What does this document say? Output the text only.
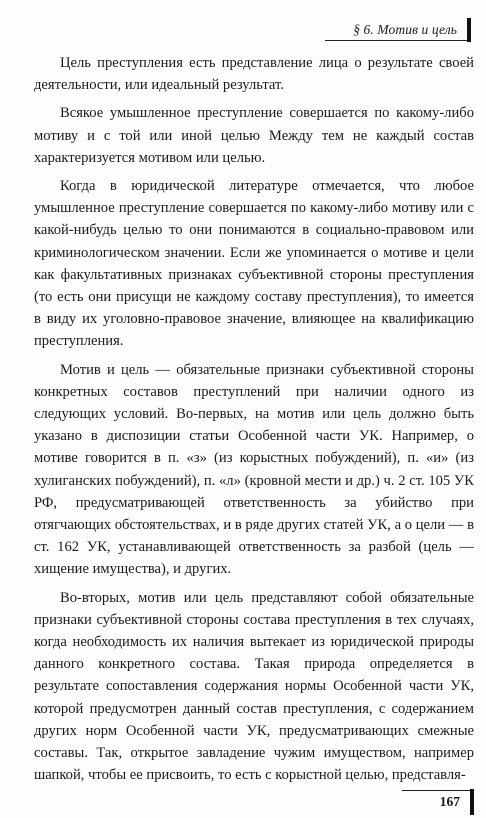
§ 6. Мотив и цель

Цель преступления есть представление лица о результате своей деятельности, или идеальный результат.

Всякое умышленное преступление совершается по какому-либо мотиву и с той или иной целью Между тем не каждый состав характеризуется мотивом или целью.

Когда в юридической литературе отмечается, что любое умышленное преступление совершается по какому-либо мотиву или с какой-нибудь целью то они понимаются в социально-правовом или криминологическом значении. Если же упоминается о мотиве и цели как факультативных признаках субъективной стороны преступления (то есть они присущи не каждому составу преступления), то имеется в виду их уголовно-правовое значение, влияющее на квалификацию преступления.

Мотив и цель — обязательные признаки субъективной стороны конкретных составов преступлений при наличии одного из следующих условий. Во-первых, на мотив или цель должно быть указано в диспозиции статьи Особенной части УК. Например, о мотиве говорится в п. «з» (из корыстных побуждений), п. «и» (из хулиганских побуждений), п. «л» (кровной мести и др.) ч. 2 ст. 105 УК РФ, предусматривающей ответственность за убийство при отягчающих обстоятельствах, и в ряде других статей УК, а о цели — в ст. 162 УК, устанавливающей ответственность за разбой (цель — хищение имущества), и других.

Во-вторых, мотив или цель представляют собой обязательные признаки субъективной стороны состава преступления в тех случаях, когда необходимость их наличия вытекает из юридической природы данного конкретного состава. Такая природа определяется в результате сопоставления содержания нормы Особенной части УК, которой предусмотрен данный состав преступления, с содержанием других норм Особенной части УК, предусматривающих смежные составы. Так, открытое завладение чужим имуществом, например шапкой, чтобы ее присвоить, то есть с корыстной целью, представля-

167
